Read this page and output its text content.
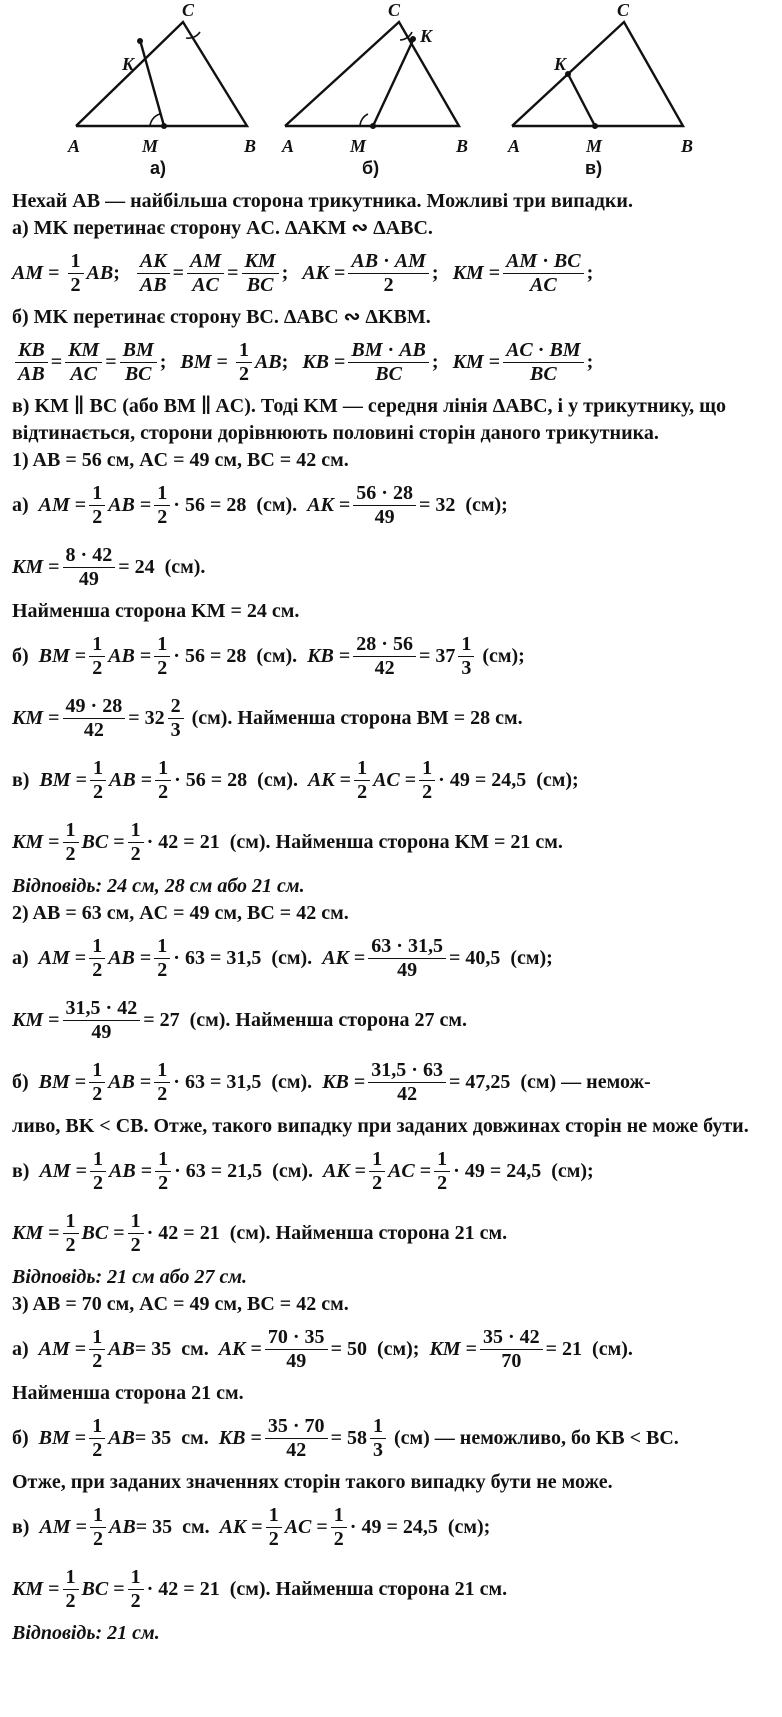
A	M	B
C
K
A	M	B
C
K
A	M	B
C
K
а)	б)	в)
Нехай AB — найбільша сторона трикутника. Можливі три випадки.
а) MK перетинає сторону AC. ΔAKM ∾ ΔABC.
AM = $\frac{1}{2}$ AB ; $\frac{AK}{AB} = \frac{AM}{AC} = \frac{KM}{BC}$ ; AK = $\frac{AB \cdot AM}{2}$ ; KM = $\frac{AM \cdot BC}{AC}$ ;
б) MK перетинає сторону BC. ΔABC ∾ ΔKBM.
$\frac{KB}{AB} = \frac{KM}{AC} = \frac{BM}{BC}$ ; BM = $\frac{1}{2}$ AB ; KB = $\frac{BM \cdot AB}{BC}$ ; KM = $\frac{AC \cdot BM}{BC}$ ;
в) KM ∥ BC (або BM ∥ AC). Тоді KM — середня лінія ΔABC, і у трикутнику, що відтинається, сторони дорівнюють половині сторін даного трикутника.
1) AB = 56 см, AC = 49 см, BC = 42 см.
а) AM = $\frac{1}{2}$ AB = $\frac{1}{2} \cdot 56 = 28$  (см). AK = $\frac{56 \cdot 28}{49} = 32$  (см);
KM = $\frac{8 \cdot 42}{49} = 24$  (см).
Найменша сторона KM = 24 см.
б) BM = $\frac{1}{2}$ AB = $\frac{1}{2} \cdot 56 = 28$  (см). KB = $\frac{28 \cdot 56}{42} = 37 \frac{1}{3} (см)$;
KM = $\frac{49 \cdot 28}{42} = 32 \frac{2}{3}$
(см). Найменша сторона BM = 28 см.
в) BM = $\frac{1}{2}$ AB = $\frac{1}{2} \cdot 56 = 28$  (см). AK = $\frac{1}{2}$ AC = $\frac{1}{2} \cdot 49 = 24,5$  (см);
KM = $\frac{1}{2}$ BC = $\frac{1}{2} \cdot 42 = 21$ (см). Найменша сторона KM = 21 см.
Відповідь: 24 см, 28 см або 21 см.
2) AB = 63 см, AC = 49 см, BC = 42 см.
а) AM = $\frac{1}{2}$ AB = $\frac{1}{2} \cdot 63 = 31,5$  (см). AK = $\frac{63 \cdot 31,5}{49} = 40,5$  (см);
KM = $\frac{31,5 \cdot 42}{49} = 27$ (см). Найменша сторона 27 см.
б) BM = $\frac{1}{2}$ AB = $\frac{1}{2} \cdot 63 = 31,5$  (см). KB = $\frac{31,5 \cdot 63}{42} = 47,25$ (см) — немож-
ливо, BK < CB. Отже, такого випадку при заданих довжинах сторін не може бути.
в) AM = $\frac{1}{2}$ AB = $\frac{1}{2} \cdot 63 = 21,5$  (см). AK = $\frac{1}{2}$ AC = $\frac{1}{2} \cdot 49 = 24,5$  (см);
KM = $\frac{1}{2}$ BC = $\frac{1}{2} \cdot 42 = 21$ (см). Найменша сторона 21 см.
Відповідь: 21 см або 27 см.
3) AB = 70 см, AC = 49 см, BC = 42 см.
а) AM = $\frac{1}{2}$ AB = 35  см. AK = $\frac{70 \cdot 35}{49} = 50$  (см); KM = $\frac{35 \cdot 42}{70} = 21$  (см).
Найменша сторона 21 см.
б) BM = $\frac{1}{2}$ AB = 35  см. KB = $\frac{35 \cdot 70}{42} = 58 \frac{1}{3}$
(см) — неможливо, бо KB < BC.
Отже, при заданих значеннях сторін такого випадку бути не може.
в) AM = $\frac{1}{2}$ AB = 35  см. AK = $\frac{1}{2}$ AC = $\frac{1}{2} \cdot 49 = 24,5$  (см);
KM = $\frac{1}{2}$ BC = $\frac{1}{2} \cdot 42 = 21$ (см). Найменша сторона 21 см.
Відповідь: 21 см.
